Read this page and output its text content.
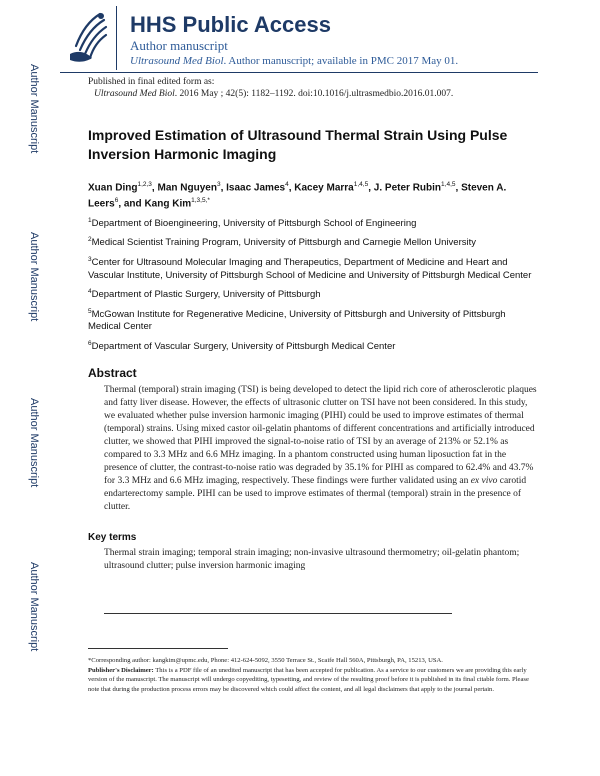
Author Manuscript
Author Manuscript
Author Manuscript
Author Manuscript
HHS Public Access
Author manuscript
Ultrasound Med Biol. Author manuscript; available in PMC 2017 May 01.
Published in final edited form as:
Ultrasound Med Biol. 2016 May ; 42(5): 1182–1192. doi:10.1016/j.ultrasmedbio.2016.01.007.
Improved Estimation of Ultrasound Thermal Strain Using Pulse Inversion Harmonic Imaging
Xuan Ding$^{1,2,3}$, Man Nguyen$^3$, Isaac James$^4$, Kacey Marra$^{1,4,5}$, J. Peter Rubin$^{1,4,5}$, Steven A. Leers$^6$, and Kang Kim$^{1,3,5,*}$
$^1$Department of Bioengineering, University of Pittsburgh School of Engineering
$^2$Medical Scientist Training Program, University of Pittsburgh and Carnegie Mellon University
$^3$Center for Ultrasound Molecular Imaging and Therapeutics, Department of Medicine and Heart and Vascular Institute, University of Pittsburgh School of Medicine and University of Pittsburgh Medical Center
$^4$Department of Plastic Surgery, University of Pittsburgh
$^5$McGowan Institute for Regenerative Medicine, University of Pittsburgh and University of Pittsburgh Medical Center
$^6$Department of Vascular Surgery, University of Pittsburgh Medical Center
Abstract
Thermal (temporal) strain imaging (TSI) is being developed to detect the lipid rich core of atherosclerotic plaques and fatty liver disease. However, the effects of ultrasonic clutter on TSI have not been considered. In this study, we evaluated whether pulse inversion harmonic imaging (PIHI) could be used to improve estimates of thermal (temporal) strains. Using mixed castor oil-gelatin phantoms of different concentrations and artificially introduced clutter, we showed that PIHI improved the signal-to-noise ratio of TSI by an average of 213% or 52.1% as compared to 3.3 MHz and 6.6 MHz imaging. In a phantom constructed using human liposuction fat in the presence of clutter, the contrast-to-noise ratio was degraded by 35.1% for PIHI as compared to 62.4% and 43.7% for 3.3 MHz and 6.6 MHz imaging, respectively. These findings were further validated using an ex vivo carotid endarterectomy sample. PIHI can be used to improve estimates of thermal (temporal) strain in the presence of clutter.
Key terms
Thermal strain imaging; temporal strain imaging; non-invasive ultrasound thermometry; oil-gelatin phantom; ultrasound clutter; pulse inversion harmonic imaging
*Corresponding author: kangkim@upmc.edu, Phone: 412-624-5092, 3550 Terrace St., Scaife Hall 560A, Pittsburgh, PA, 15213, USA.
Publisher's Disclaimer: This is a PDF file of an unedited manuscript that has been accepted for publication. As a service to our customers we are providing this early version of the manuscript. The manuscript will undergo copyediting, typesetting, and review of the resulting proof before it is published in its final citable form. Please note that during the production process errors may be discovered which could affect the content, and all legal disclaimers that apply to the journal pertain.
